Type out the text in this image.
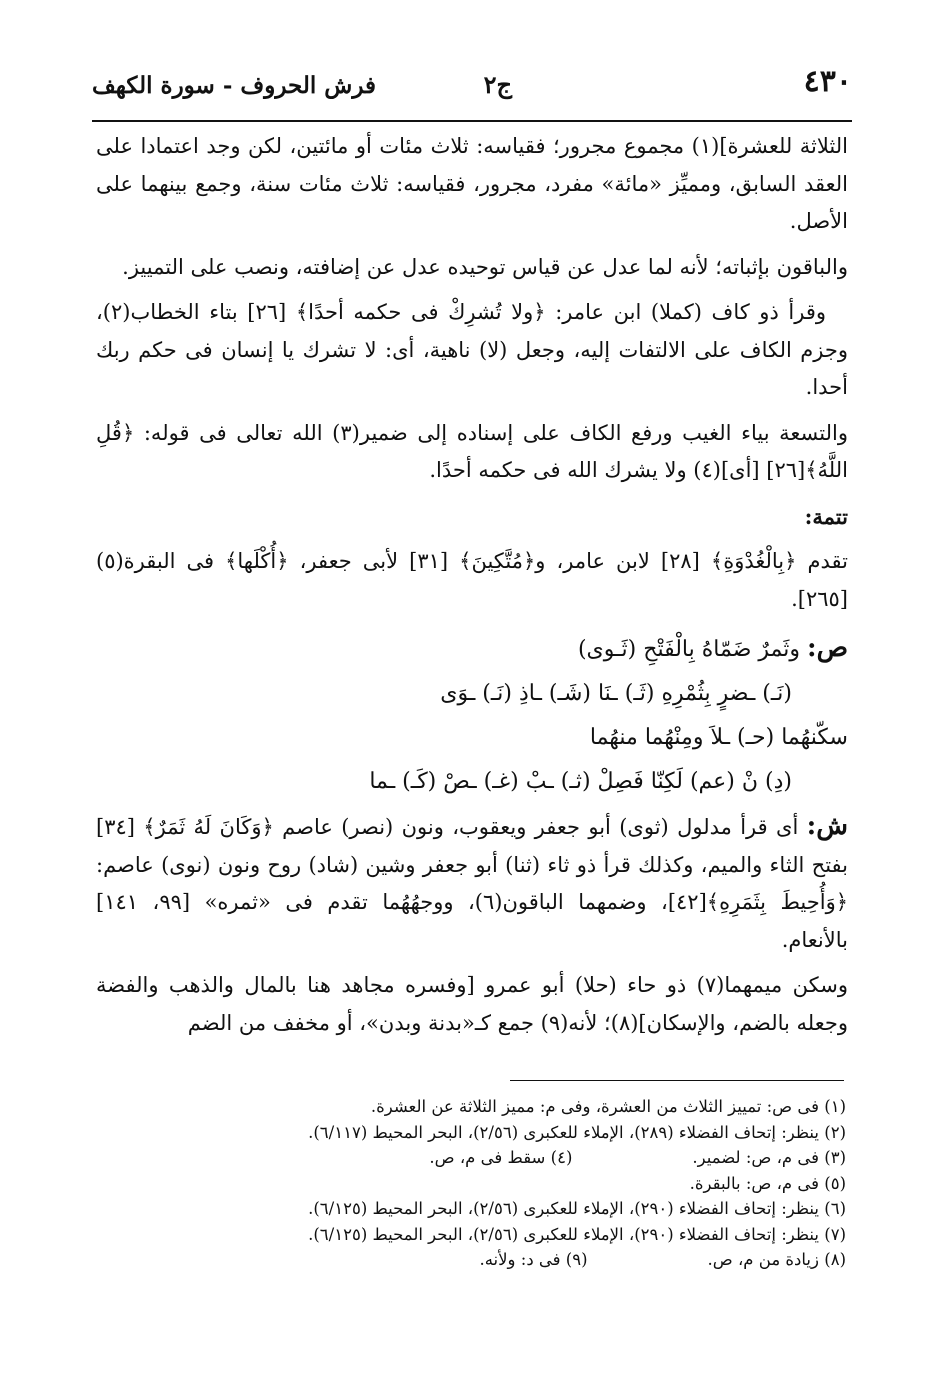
٤٣٠
ج٢
فرش الحروف - سورة الكهف

الثلاثة للعشرة](١) مجموع مجرور؛ فقياسه: ثلاث مئات أو مائتين، لكن وجد اعتمادا على العقد السابق، ومميِّز «مائة» مفرد، مجرور، فقياسه: ثلاث مئات سنة، وجمع بينهما على الأصل.

والباقون بإثباته؛ لأنه لما عدل عن قياس توحيده عدل عن إضافته، ونصب على التمييز.

وقرأ ذو كاف (كملا) ابن عامر: ﴿ولا تُشرِكْ فى حكمه أحدًا﴾ [٢٦] بتاء الخطاب(٢)، وجزم الكاف على الالتفات إليه، وجعل (لا) ناهية، أى: لا تشرك يا إنسان فى حكم ربك أحدا.

والتسعة بياء الغيب ورفع الكاف على إسناده إلى ضمير(٣) الله تعالى فى قوله: ﴿قُلِ اللَّهُ﴾[٢٦] [أى](٤) ولا يشرك الله فى حكمه أحدًا.

تتمة:

تقدم ﴿بِالْغُدْوَةِ﴾ [٢٨] لابن عامر، و﴿مُتَّكِينَ﴾ [٣١] لأبى جعفر، ﴿أُكْلَها﴾ فى البقرة(٥) [٢٦٥].

ص: وثَمرٌ ضَمّاهُ بِالْفَتْحِ (ثَـوى)
(نَـ) ـضرٍ بِثُمْرِهِ (ثَـ) ـنَا (شَـ) ـاذِ (نَـ) ـوَى
سكّنهُما (حـ) ـلاَ ومِنْهُما منهُما
(دِ) نْ (عم) لَكِنّا فَصِلْ (ثـ) ـبْ (غـ) ـصْ (كَـ) ـما

ش: أى قرأ مدلول (ثوى) أبو جعفر ويعقوب، ونون (نصر) عاصم ﴿وَكَانَ لَهُ ثَمَرٌ﴾ [٣٤] بفتح الثاء والميم، وكذلك قرأ ذو ثاء (ثنا) أبو جعفر وشين (شاد) روح ونون (نوى) عاصم: ﴿وَأُحِيطَ بِثَمَرِهِ﴾[٤٢]، وضمهما الباقون(٦)، ووجهُهُما تقدم فى «ثمره» [٩٩، ١٤١] بالأنعام.

وسكن ميمهما(٧) ذو حاء (حلا) أبو عمرو [وفسره مجاهد هنا بالمال والذهب والفضة وجعله بالضم، والإسكان](٨)؛ لأنه(٩) جمع كـ«بدنة وبدن»، أو مخفف من الضم

(١) فى ص: تمييز الثلاث من العشرة، وفى م: مميز الثلاثة عن العشرة.
(٢) ينظر: إتحاف الفضلاء (٢٨٩)، الإملاء للعكبرى (٢/٥٦)، البحر المحيط (٦/١١٧).
(٣) فى م، ص: لضمير.(٤) سقط فى م، ص.
(٥) فى م، ص: بالبقرة.
(٦) ينظر: إتحاف الفضلاء (٢٩٠)، الإملاء للعكبرى (٢/٥٦)، البحر المحيط (٦/١٢٥).
(٧) ينظر: إتحاف الفضلاء (٢٩٠)، الإملاء للعكبرى (٢/٥٦)، البحر المحيط (٦/١٢٥).
(٨) زيادة من م، ص.(٩) فى د: ولأنه.
